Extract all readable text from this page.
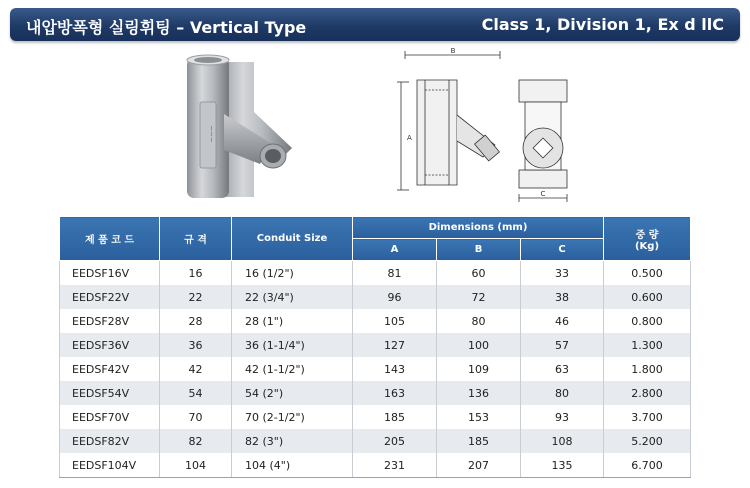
내압방폭형 실링휘팅 – Vertical Type	Class 1, Division 1, Ex d llC
~~~
B
A
C
제 품 코 드	규 격	Conduit Size	Dimensions (mm)			중 량
(Kg)
			A	B	C	
EEDSF16V	16	16 (1/2")	81	60	33	0.500
EEDSF22V	22	22 (3/4")	96	72	38	0.600
EEDSF28V	28	28 (1")	105	80	46	0.800
EEDSF36V	36	36 (1-1/4")	127	100	57	1.300
EEDSF42V	42	42 (1-1/2")	143	109	63	1.800
EEDSF54V	54	54 (2")	163	136	80	2.800
EEDSF70V	70	70 (2-1/2")	185	153	93	3.700
EEDSF82V	82	82 (3")	205	185	108	5.200
EEDSF104V	104	104 (4")	231	207	135	6.700
